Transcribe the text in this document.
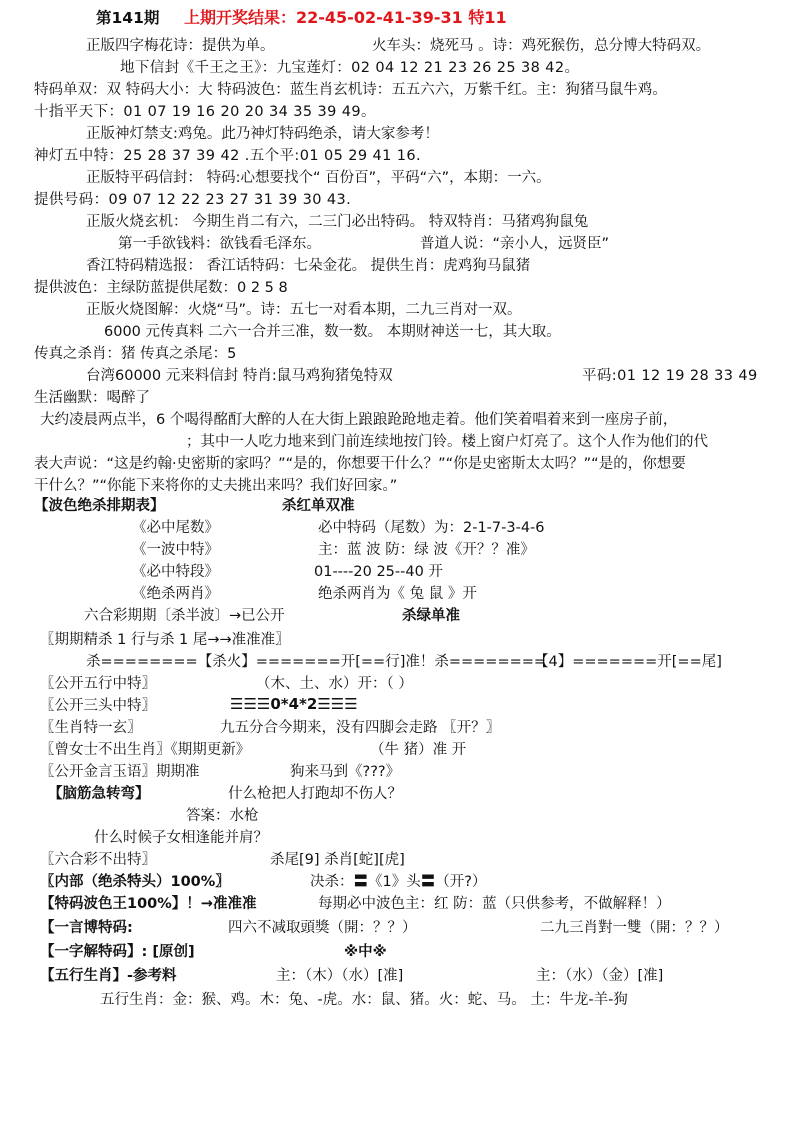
第141期 上期开奖结果：22-45-02-41-39-31 特11
正版四字梅花诗：提供为单。	火车头：烧死马 。诗：鸡死猴伤，总分博大特码双。
地下信封《千王之王》：九宝莲灯：02 04 12 21 23 26 25 38 42。
特码单双：双 特码大小：大 特码波色：蓝生肖玄机诗：五五六六，万紫千红。主：狗猪马鼠牛鸡。
十指平天下：01 07 19 16 20 20 34 35 39 49。
正版神灯禁支:鸡兔。此乃神灯特码绝杀，请大家参考！
神灯五中特：25 28 37 39 42 .五个平:01 05 29 41 16.
正版特平码信封： 特码:心想要找个“ 百份百”，平码“六”，本期：一六。
提供号码：09 07 12 22 23 27 31 39 30 43.
正版火烧玄机： 今期生肖二有六，二三门必出特码。 特双特肖：马猪鸡狗鼠兔
第一手欲钱料：欲钱看毛泽东。	普道人说：“亲小人，远贤臣”
香江特码精选报： 香江话特码：七朵金花。 提供生肖：虎鸡狗马鼠猪
提供波色：主绿防蓝提供尾数：0 2 5 8
正版火烧图解：火烧“马”。诗：五七一对看本期，二九三肖对一双。
6000 元传真料 二六一合并三准，数一数。 本期财神送一七，其大取。
传真之杀肖：猪 传真之杀尾：5
台湾60000 元来料信封 特肖:鼠马鸡狗猪兔特双	平码:01 12 19 28 33 49
生活幽默：喝醉了
大约凌晨两点半，6 个喝得酩酊大醉的人在大街上踉踉跄跄地走着。他们笑着唱着来到一座房子前，
；其中一人吃力地来到门前连续地按门铃。楼上窗户灯亮了。这个人作为他们的代
表大声说：“这是约翰·史密斯的家吗？”“是的，你想要干什么？”“你是史密斯太太吗？”“是的，你想要
干什么？”“你能下来将你的丈夫挑出来吗？我们好回家。”
【波色绝杀排期表】	杀红单双准
《必中尾数》	必中特码（尾数）为：2-1-7-3-4-6
《一波中特》	主：蓝 波 防：绿 波《开？？准》
《必中特段》	01----20 25--40 开
《绝杀两肖》	绝杀两肖为《 兔 鼠 》开
六合彩期期〔杀半波〕→已公开	杀绿单准
〖期期精杀 1 行与杀 1 尾→→准准准〗
杀========【杀火】=======开[==行]准！杀========
【4】=======开[==尾]
〖公开五行中特〗	（木、土、水）开：（ ）
〖公开三头中特〗	☰☰☰0*4*2☰☰☰
〖生肖特一玄〗	九五分合今期来，没有四脚会走路 〖开？〗
〖曾女士不出生肖〗《期期更新》	（牛 猪）准 开
〖公开金言玉语〗期期准	狗来马到《???》
【脑筋急转弯】	什么枪把人打跑却不伤人？
答案：水枪
什么时候子女相逢能并肩？
〖六合彩不出特〗	杀尾[9] 杀肖[蛇][虎]
〖内部（绝杀特头）100%〗	决杀：〓《1》头〓（开?）
【特码波色王100%】！→准准准	每期必中波色主：红 防：蓝（只供参考，不做解释！）
【一言博特码:	四六不减取頭獎（開：？？）	二九三肖對一雙（開：？？）
【一字解特码】: [原创]	※中※
【五行生肖】-参考料	主：（木）（水）[准]	主：（水）（金）[准]
五行生肖：金：猴、鸡。木：兔、-虎。水：鼠、猪。火：蛇、马。 土：牛龙-羊-狗
